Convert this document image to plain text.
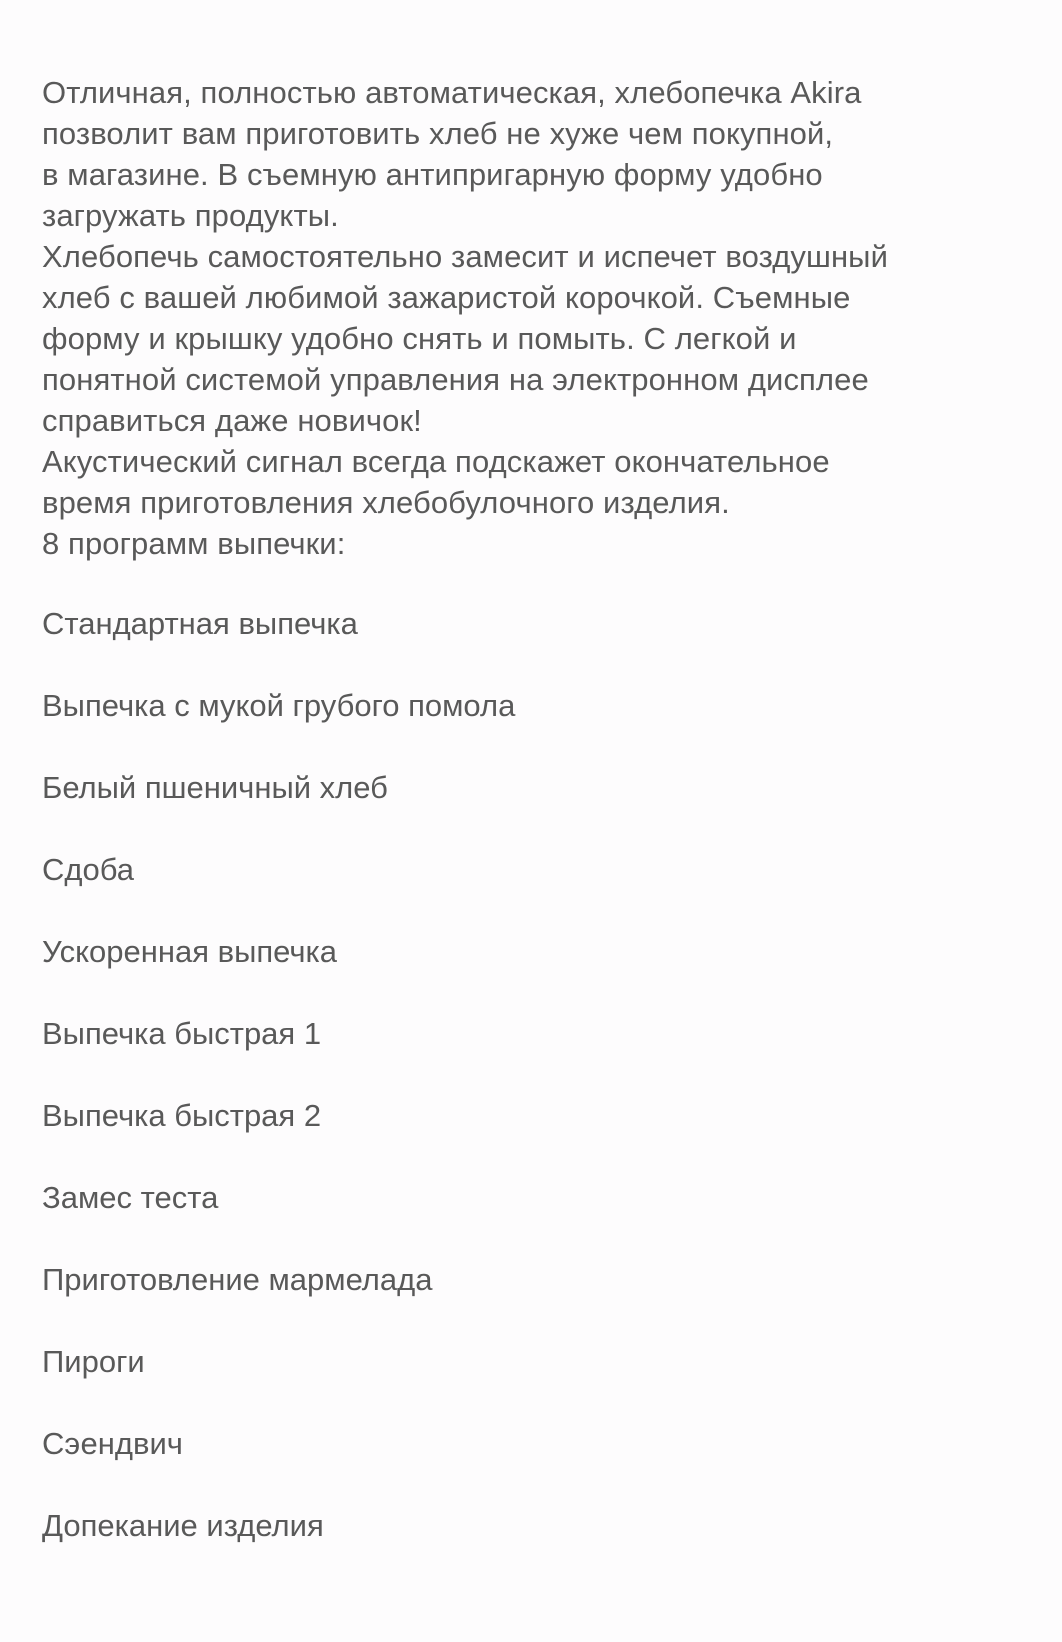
Отличная, полностью автоматическая, хлебопечка Akira
позволит вам приготовить хлеб не хуже чем покупной,
в магазине. В съемную антипригарную форму удобно
загружать продукты.
Хлебопечь самостоятельно замесит и испечет воздушный
хлеб с вашей любимой зажаристой корочкой. Съемные
форму и крышку удобно снять и помыть. С легкой и
понятной системой управления на электронном дисплее
справиться даже новичок!
Акустический сигнал всегда подскажет окончательное
время приготовления хлебобулочного изделия.
8 программ выпечки:

Стандартная выпечка
Выпечка с мукой грубого помола
Белый пшеничный хлеб
Сдоба
Ускоренная выпечка
Выпечка быстрая 1
Выпечка быстрая 2
Замес теста
Приготовление мармелада
Пироги
Сэендвич
Допекание изделия
